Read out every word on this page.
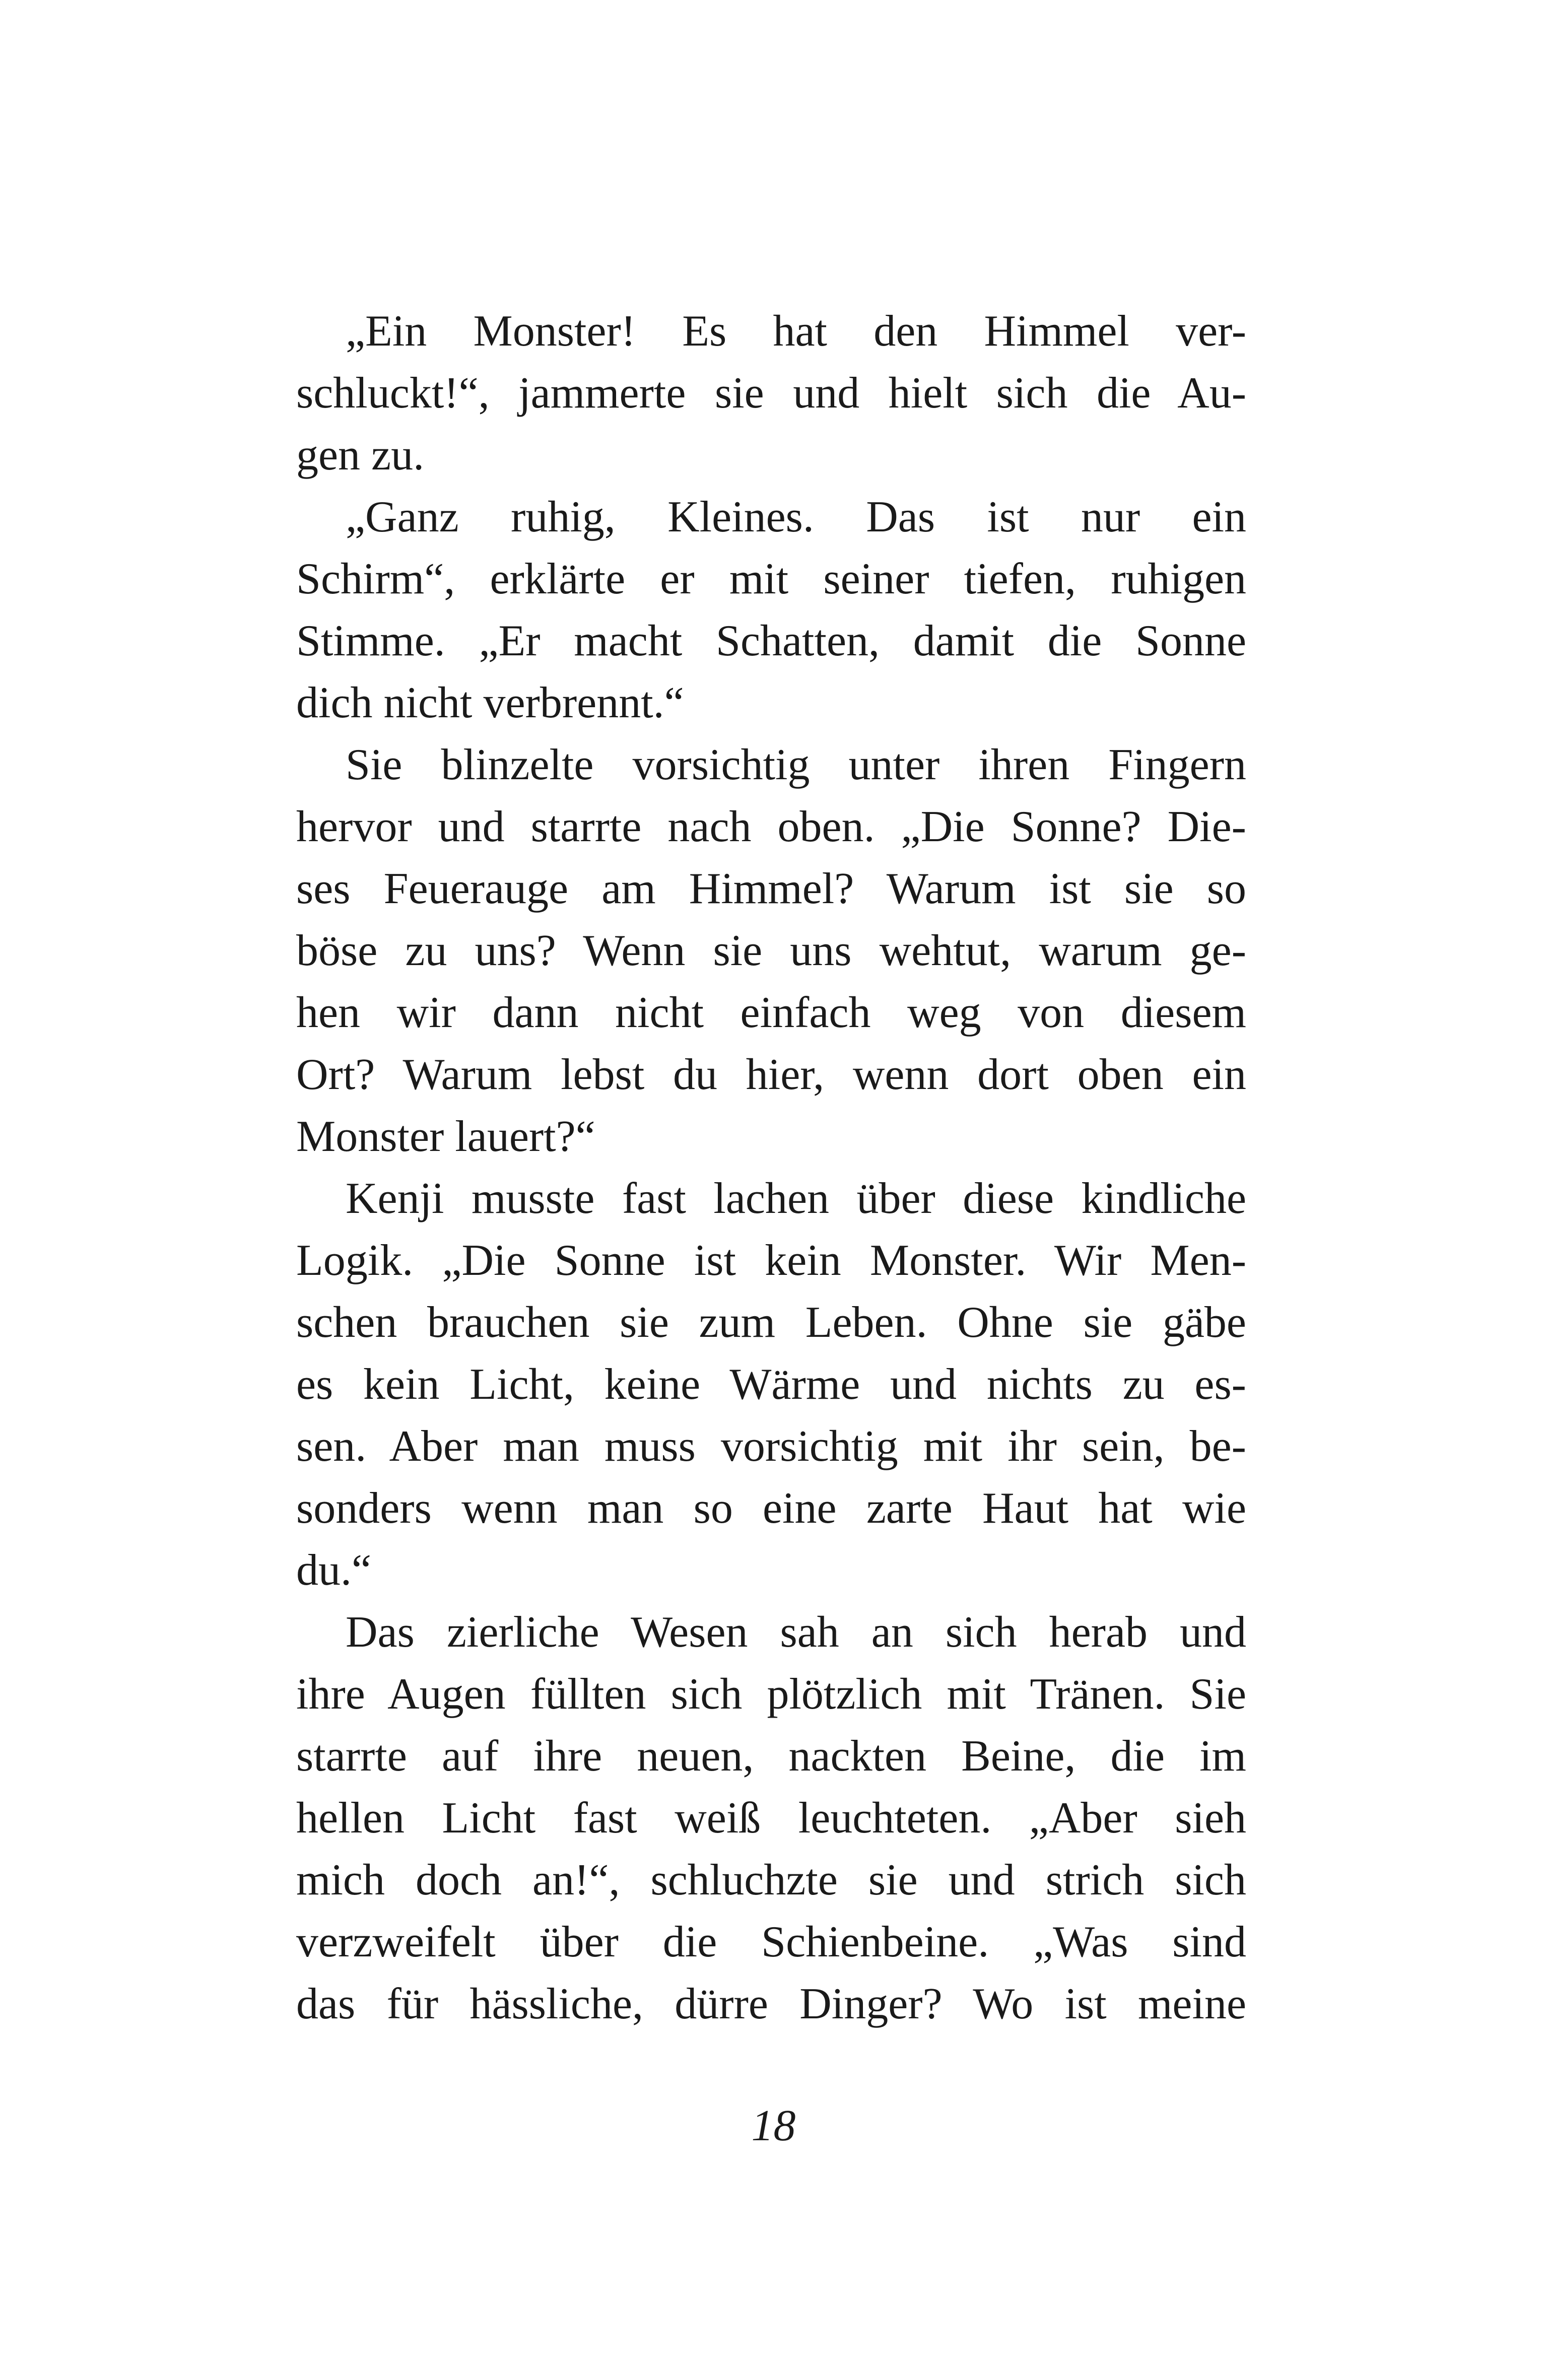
„Ein Monster! Es hat den Himmel ver-
schluckt!“, jammerte sie und hielt sich die Au-
gen zu.
„Ganz ruhig, Kleines. Das ist nur ein
Schirm“, erklärte er mit seiner tiefen, ruhigen
Stimme. „Er macht Schatten, damit die Sonne
dich nicht verbrennt.“
Sie blinzelte vorsichtig unter ihren Fingern
hervor und starrte nach oben. „Die Sonne? Die-
ses Feuerauge am Himmel? Warum ist sie so
böse zu uns? Wenn sie uns wehtut, warum ge-
hen wir dann nicht einfach weg von diesem
Ort? Warum lebst du hier, wenn dort oben ein
Monster lauert?“
Kenji musste fast lachen über diese kindliche
Logik. „Die Sonne ist kein Monster. Wir Men-
schen brauchen sie zum Leben. Ohne sie gäbe
es kein Licht, keine Wärme und nichts zu es-
sen. Aber man muss vorsichtig mit ihr sein, be-
sonders wenn man so eine zarte Haut hat wie
du.“
Das zierliche Wesen sah an sich herab und
ihre Augen füllten sich plötzlich mit Tränen. Sie
starrte auf ihre neuen, nackten Beine, die im
hellen Licht fast weiß leuchteten. „Aber sieh
mich doch an!“, schluchzte sie und strich sich
verzweifelt über die Schienbeine. „Was sind
das für hässliche, dürre Dinger? Wo ist meine
18
